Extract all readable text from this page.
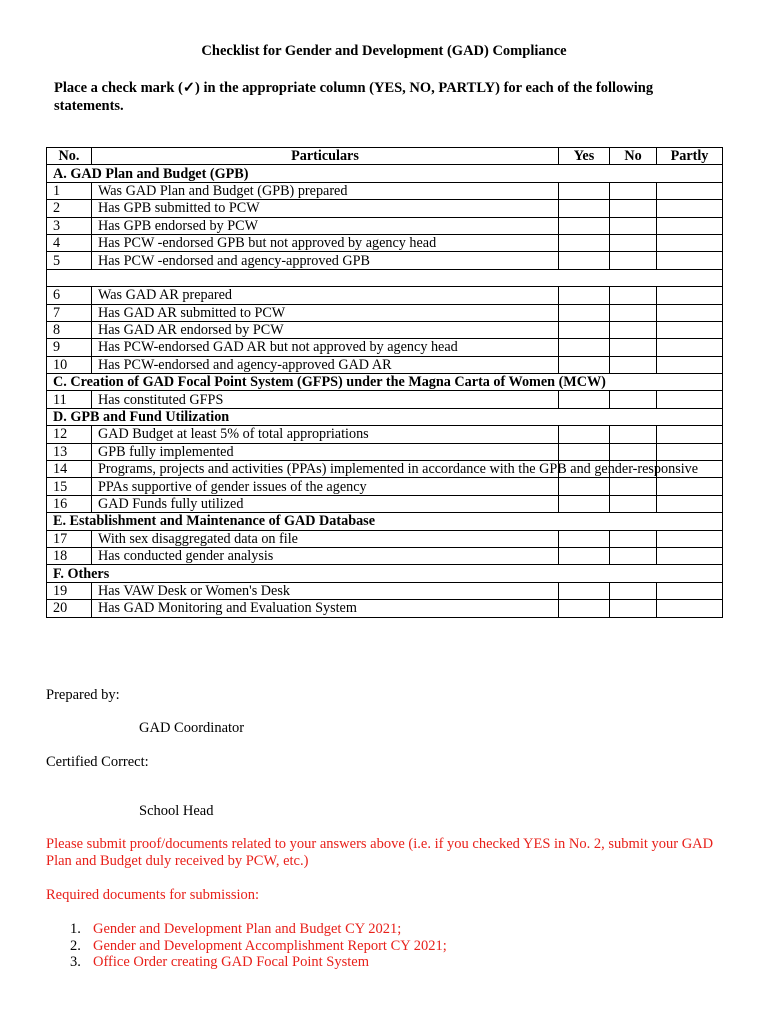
Checklist for Gender and Development (GAD) Compliance
Place a check mark (✓) in the appropriate column (YES, NO, PARTLY) for each of the following statements.
No.	Particulars	Yes	No	Partly
A. GAD Plan and Budget (GPB)				
1	Was GAD Plan and Budget (GPB) prepared			
2	Has GPB submitted to PCW			
3	Has GPB endorsed by PCW			
4	Has PCW -endorsed GPB but not approved by agency head			
5	Has PCW -endorsed and agency-approved GPB			

6	Was GAD AR prepared			
7	Has GAD AR submitted to PCW			
8	Has GAD AR endorsed by PCW			
9	Has PCW-endorsed GAD AR but not approved by agency head			
10	Has PCW-endorsed and agency-approved GAD AR			
C. Creation of GAD Focal Point System (GFPS) under the Magna Carta of Women (MCW)				
11	Has constituted GFPS			
D. GPB and Fund Utilization				
12	GAD Budget at least 5% of total appropriations			
13	GPB fully implemented			
14	Programs, projects and activities (PPAs) implemented in accordance with the GPB and gender-responsive			
15	PPAs supportive of gender issues of the agency			
16	GAD Funds fully utilized			
E. Establishment and Maintenance of GAD Database				
17	With sex disaggregated data on file			
18	Has conducted gender analysis			
F. Others				
19	Has VAW Desk or Women's Desk			
20	Has GAD Monitoring and Evaluation System			
Prepared by:
GAD Coordinator
Certified Correct:
School Head
Please submit proof/documents related to your answers above (i.e. if you checked YES in No. 2, submit your GAD Plan and Budget duly received by PCW, etc.)
Required documents for submission:
1. Gender and Development Plan and Budget CY 2021;
2. Gender and Development Accomplishment Report CY 2021;
3. Office Order creating GAD Focal Point System
